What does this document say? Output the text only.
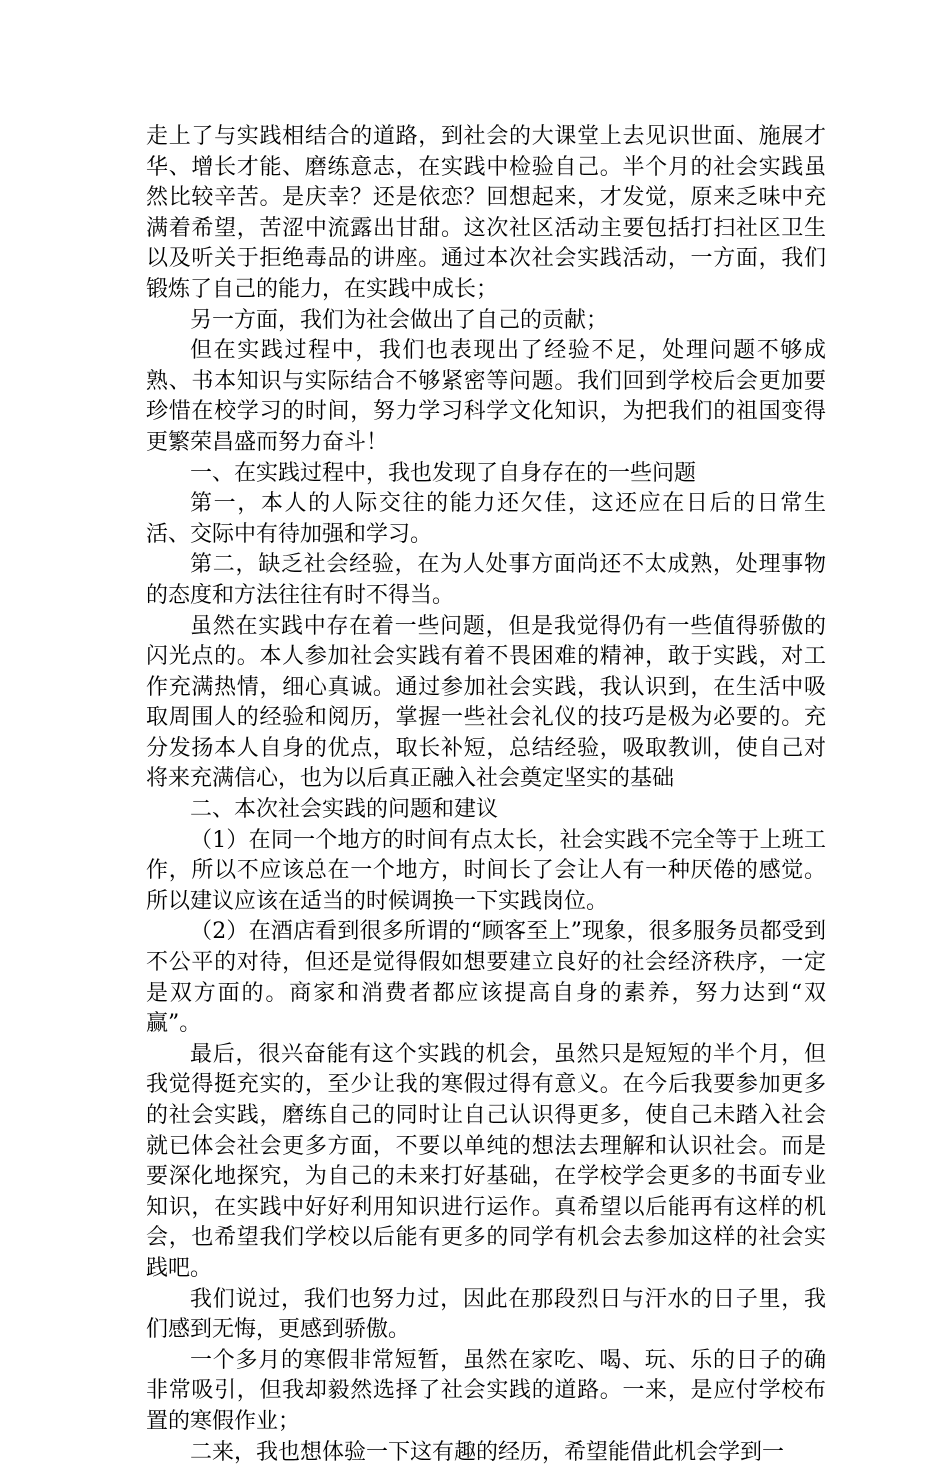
走上了与实践相结合的道路，到社会的大课堂上去见识世面、施展才华、增长才能、磨练意志，在实践中检验自己。半个月的社会实践虽然比较辛苦。是庆幸？还是依恋？回想起来，才发觉，原来乏味中充满着希望，苦涩中流露出甘甜。这次社区活动主要包括打扫社区卫生以及听关于拒绝毒品的讲座。通过本次社会实践活动，一方面，我们锻炼了自己的能力，在实践中成长；

另一方面，我们为社会做出了自己的贡献；

但在实践过程中，我们也表现出了经验不足，处理问题不够成熟、书本知识与实际结合不够紧密等问题。我们回到学校后会更加要珍惜在校学习的时间，努力学习科学文化知识，为把我们的祖国变得更繁荣昌盛而努力奋斗！

一、在实践过程中，我也发现了自身存在的一些问题

第一，本人的人际交往的能力还欠佳，这还应在日后的日常生活、交际中有待加强和学习。

第二，缺乏社会经验，在为人处事方面尚还不太成熟，处理事物的态度和方法往往有时不得当。

虽然在实践中存在着一些问题，但是我觉得仍有一些值得骄傲的闪光点的。本人参加社会实践有着不畏困难的精神，敢于实践，对工作充满热情，细心真诚。通过参加社会实践，我认识到，在生活中吸取周围人的经验和阅历，掌握一些社会礼仪的技巧是极为必要的。充分发扬本人自身的优点，取长补短，总结经验，吸取教训，使自己对将来充满信心，也为以后真正融入社会奠定坚实的基础

二、本次社会实践的问题和建议

（1）在同一个地方的时间有点太长，社会实践不完全等于上班工作，所以不应该总在一个地方，时间长了会让人有一种厌倦的感觉。所以建议应该在适当的时候调换一下实践岗位。

（2）在酒店看到很多所谓的“顾客至上”现象，很多服务员都受到不公平的对待，但还是觉得假如想要建立良好的社会经济秩序，一定是双方面的。商家和消费者都应该提高自身的素养，努力达到“双赢”。

最后，很兴奋能有这个实践的机会，虽然只是短短的半个月，但我觉得挺充实的，至少让我的寒假过得有意义。在今后我要参加更多的社会实践，磨练自己的同时让自己认识得更多，使自己未踏入社会就已体会社会更多方面，不要以单纯的想法去理解和认识社会。而是要深化地探究，为自己的未来打好基础，在学校学会更多的书面专业知识，在实践中好好利用知识进行运作。真希望以后能再有这样的机会，也希望我们学校以后能有更多的同学有机会去参加这样的社会实践吧。

我们说过，我们也努力过，因此在那段烈日与汗水的日子里，我们感到无悔，更感到骄傲。

一个多月的寒假非常短暂，虽然在家吃、喝、玩、乐的日子的确非常吸引，但我却毅然选择了社会实践的道路。一来，是应付学校布置的寒假作业；

二来，我也想体验一下这有趣的经历，希望能借此机会学到一
